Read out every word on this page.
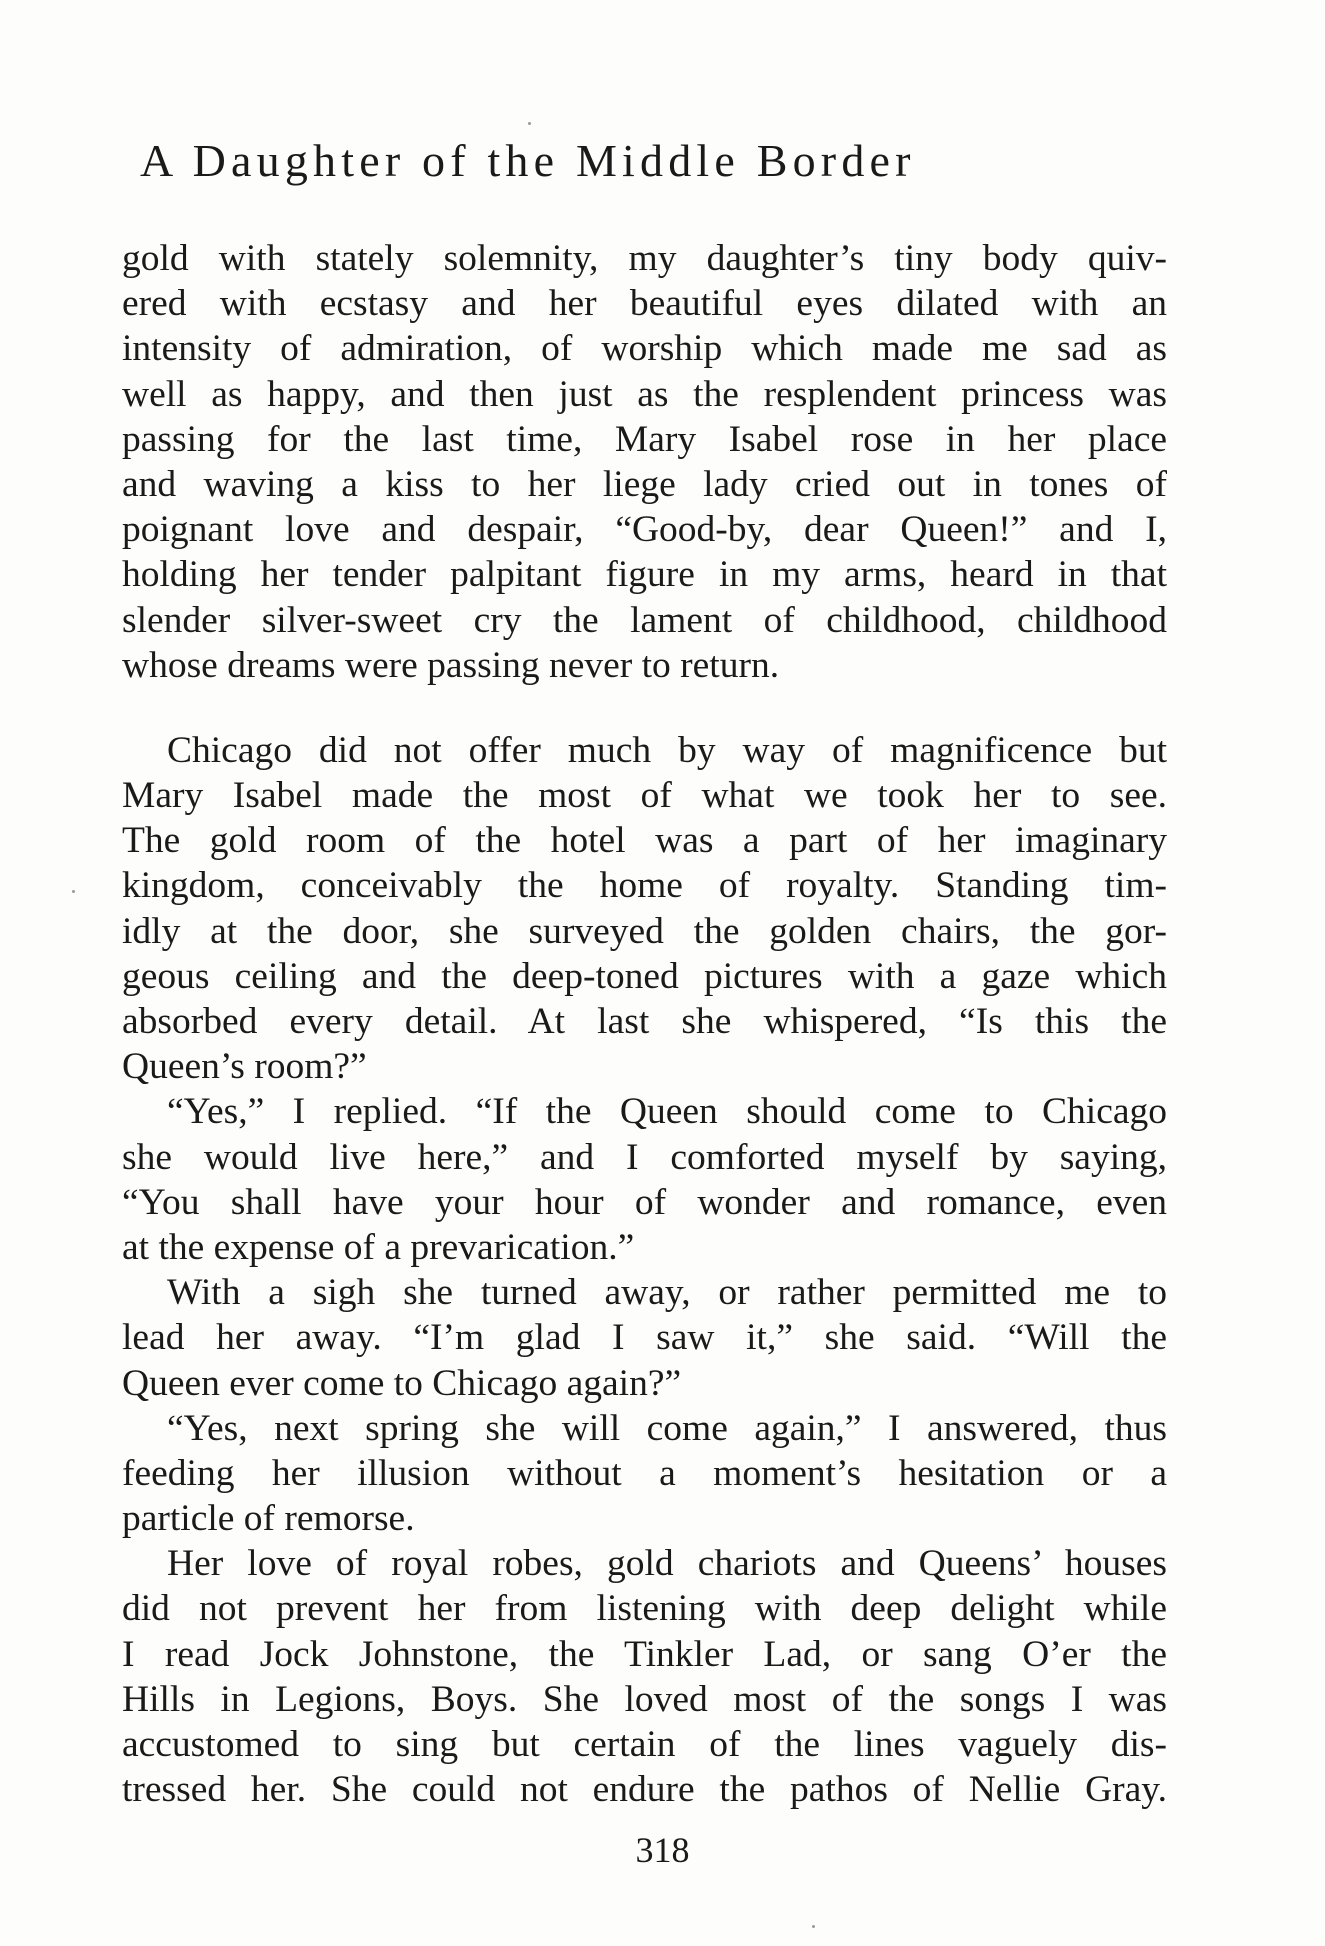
A Daughter of the Middle Border
gold with stately solemnity, my daughter’s tiny body quiv-
ered with ecstasy and her beautiful eyes dilated with an
intensity of admiration, of worship which made me sad as
well as happy, and then just as the resplendent princess was
passing for the last time, Mary Isabel rose in her place
and waving a kiss to her liege lady cried out in tones of
poignant love and despair, “Good-by, dear Queen!” and I,
holding her tender palpitant figure in my arms, heard in that
slender silver-sweet cry the lament of childhood, childhood
whose dreams were passing never to return.
Chicago did not offer much by way of magnificence but
Mary Isabel made the most of what we took her to see.
The gold room of the hotel was a part of her imaginary
kingdom, conceivably the home of royalty. Standing tim-
idly at the door, she surveyed the golden chairs, the gor-
geous ceiling and the deep-toned pictures with a gaze which
absorbed every detail. At last she whispered, “Is this the
Queen’s room?”
“Yes,” I replied. “If the Queen should come to Chicago
she would live here,” and I comforted myself by saying,
“You shall have your hour of wonder and romance, even
at the expense of a prevarication.”
With a sigh she turned away, or rather permitted me to
lead her away. “I’m glad I saw it,” she said. “Will the
Queen ever come to Chicago again?”
“Yes, next spring she will come again,” I answered, thus
feeding her illusion without a moment’s hesitation or a
particle of remorse.
Her love of royal robes, gold chariots and Queens’ houses
did not prevent her from listening with deep delight while
I read Jock Johnstone, the Tinkler Lad, or sang O’er the
Hills in Legions, Boys. She loved most of the songs I was
accustomed to sing but certain of the lines vaguely dis-
tressed her. She could not endure the pathos of Nellie Gray.
318
